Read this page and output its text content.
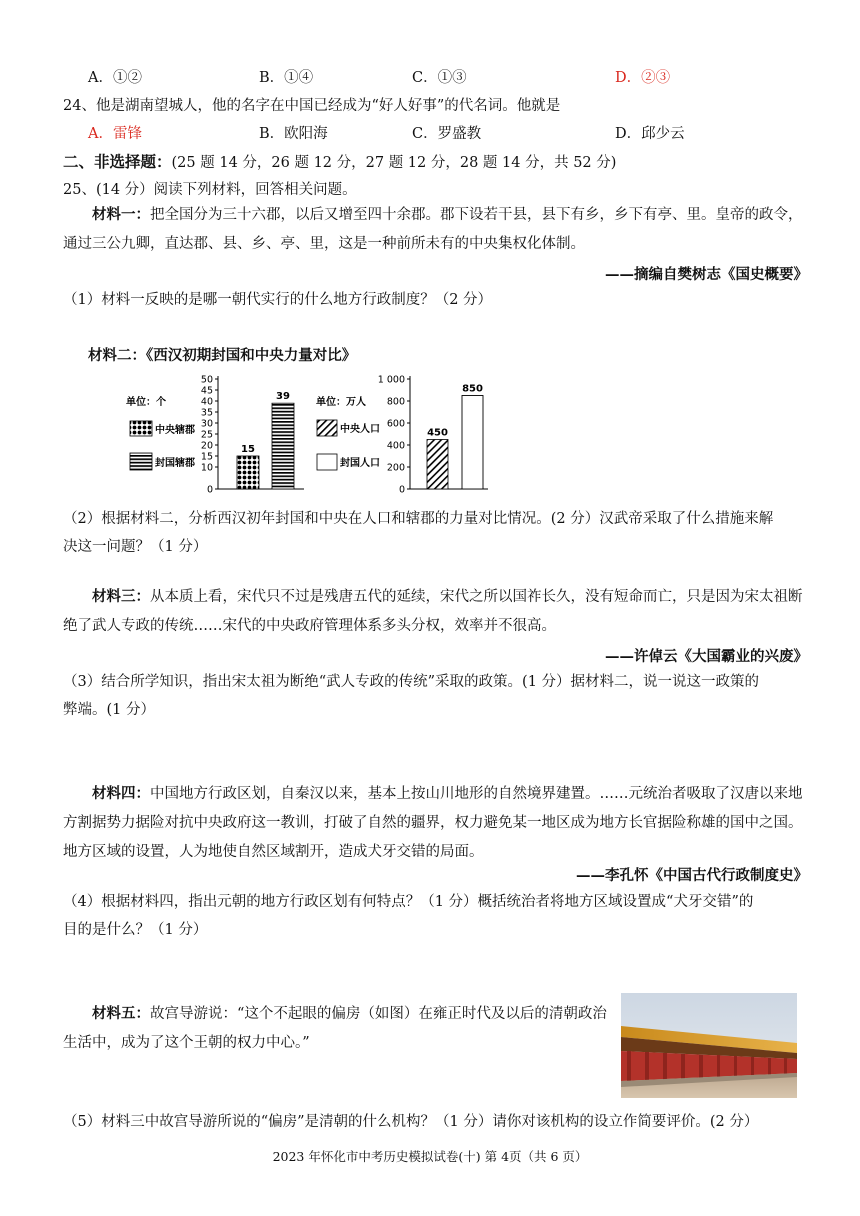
A．①②	B．①④	C．①③	D．②③
24、他是湖南望城人，他的名字在中国已经成为“好人好事”的代名词。他就是
A．雷锋	B．欧阳海	C．罗盛教	D．邱少云
二、非选择题：(25 题 14 分，26 题 12 分，27 题 12 分，28 题 14 分，共 52 分)
25、(14 分）阅读下列材料，回答相关问题。
材料一：把全国分为三十六郡，以后又增至四十余郡。郡下设若干县，县下有乡，乡下有亭、里。皇帝的政令，通过三公九卿，直达郡、县、乡、亭、里，这是一种前所未有的中央集权化体制。
——摘编自樊树志《国史概要》
（1）材料一反映的是哪一朝代实行的什么地方行政制度？（2 分）
材料二：《西汉初期封国和中央力量对比》
0
10
15
20
25
30
35
40
45
50
单位：个
中央辖郡
封国辖郡
15
39
0
200
400
600
800
1 000
单位：万人
中央人口
封国人口
450
850
（2）根据材料二，分析西汉初年封国和中央在人口和辖郡的力量对比情况。(2 分）汉武帝采取了什么措施来解
决这一问题？（1 分）
材料三：从本质上看，宋代只不过是残唐五代的延续，宋代之所以国祚长久，没有短命而亡，只是因为宋太祖断绝了武人专政的传统……宋代的中央政府管理体系多头分权，效率并不很高。
——许倬云《大国霸业的兴废》
（3）结合所学知识，指出宋太祖为断绝“武人专政的传统”采取的政策。(1 分）据材料二，说一说这一政策的
弊端。(1 分）
材料四：中国地方行政区划，自秦汉以来，基本上按山川地形的自然境界建置。……元统治者吸取了汉唐以来地方割据势力据险对抗中央政府这一教训，打破了自然的疆界，权力避免某一地区成为地方长官据险称雄的国中之国。地方区域的设置，人为地使自然区域割开，造成犬牙交错的局面。
——李孔怀《中国古代行政制度史》
（4）根据材料四，指出元朝的地方行政区划有何特点？（1 分）概括统治者将地方区域设置成“犬牙交错”的
目的是什么？（1 分）
材料五：故宫导游说：“这个不起眼的偏房（如图）在雍正时代及以后的清朝政治生活中，成为了这个王朝的权力中心。”
（5）材料三中故宫导游所说的“偏房”是清朝的什么机构？（1 分）请你对该机构的设立作简要评价。(2 分）
2023 年怀化市中考历史模拟试卷(十) 第 4页（共 6 页）
